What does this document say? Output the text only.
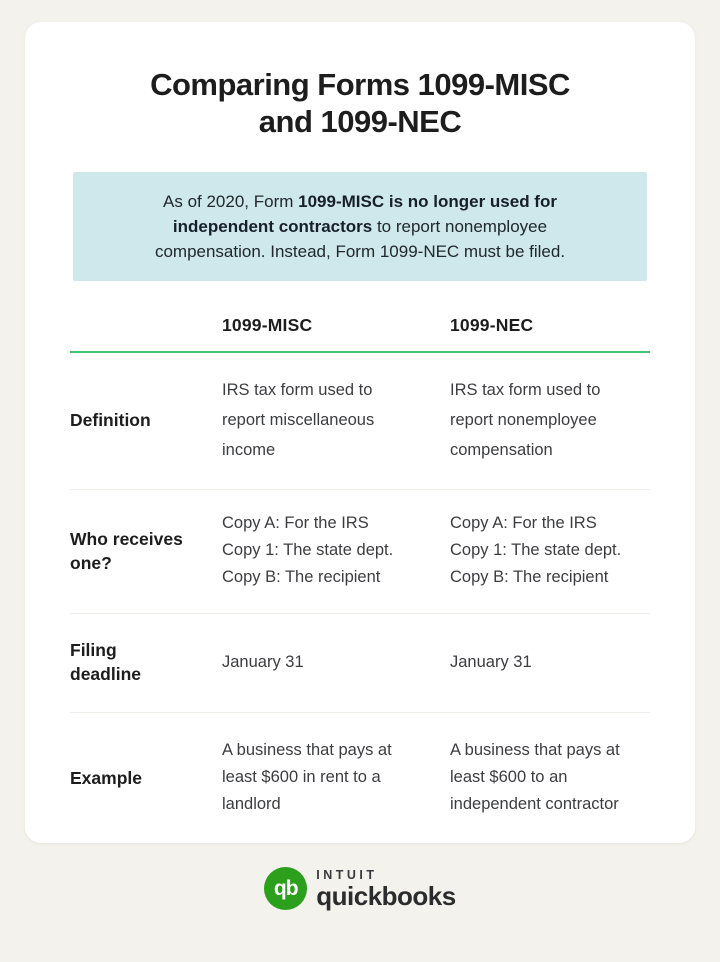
Comparing Forms 1099-MISC
and 1099-NEC

As of 2020, Form 1099-MISC is no longer used for independent contractors to report nonemployee compensation. Instead, Form 1099-NEC must be filed.

1099-MISC	1099-NEC
Definition
IRS tax form used to report miscellaneous income
IRS tax form used to report nonemployee compensation
Who receives one?
Copy A: For the IRS
Copy 1: The state dept.
Copy B: The recipient
Copy A: For the IRS
Copy 1: The state dept.
Copy B: The recipient
Filing deadline
January 31	January 31
Example
A business that pays at least $600 in rent to a landlord
A business that pays at least $600 to an independent contractor
qb
INTUIT
quickbooks
